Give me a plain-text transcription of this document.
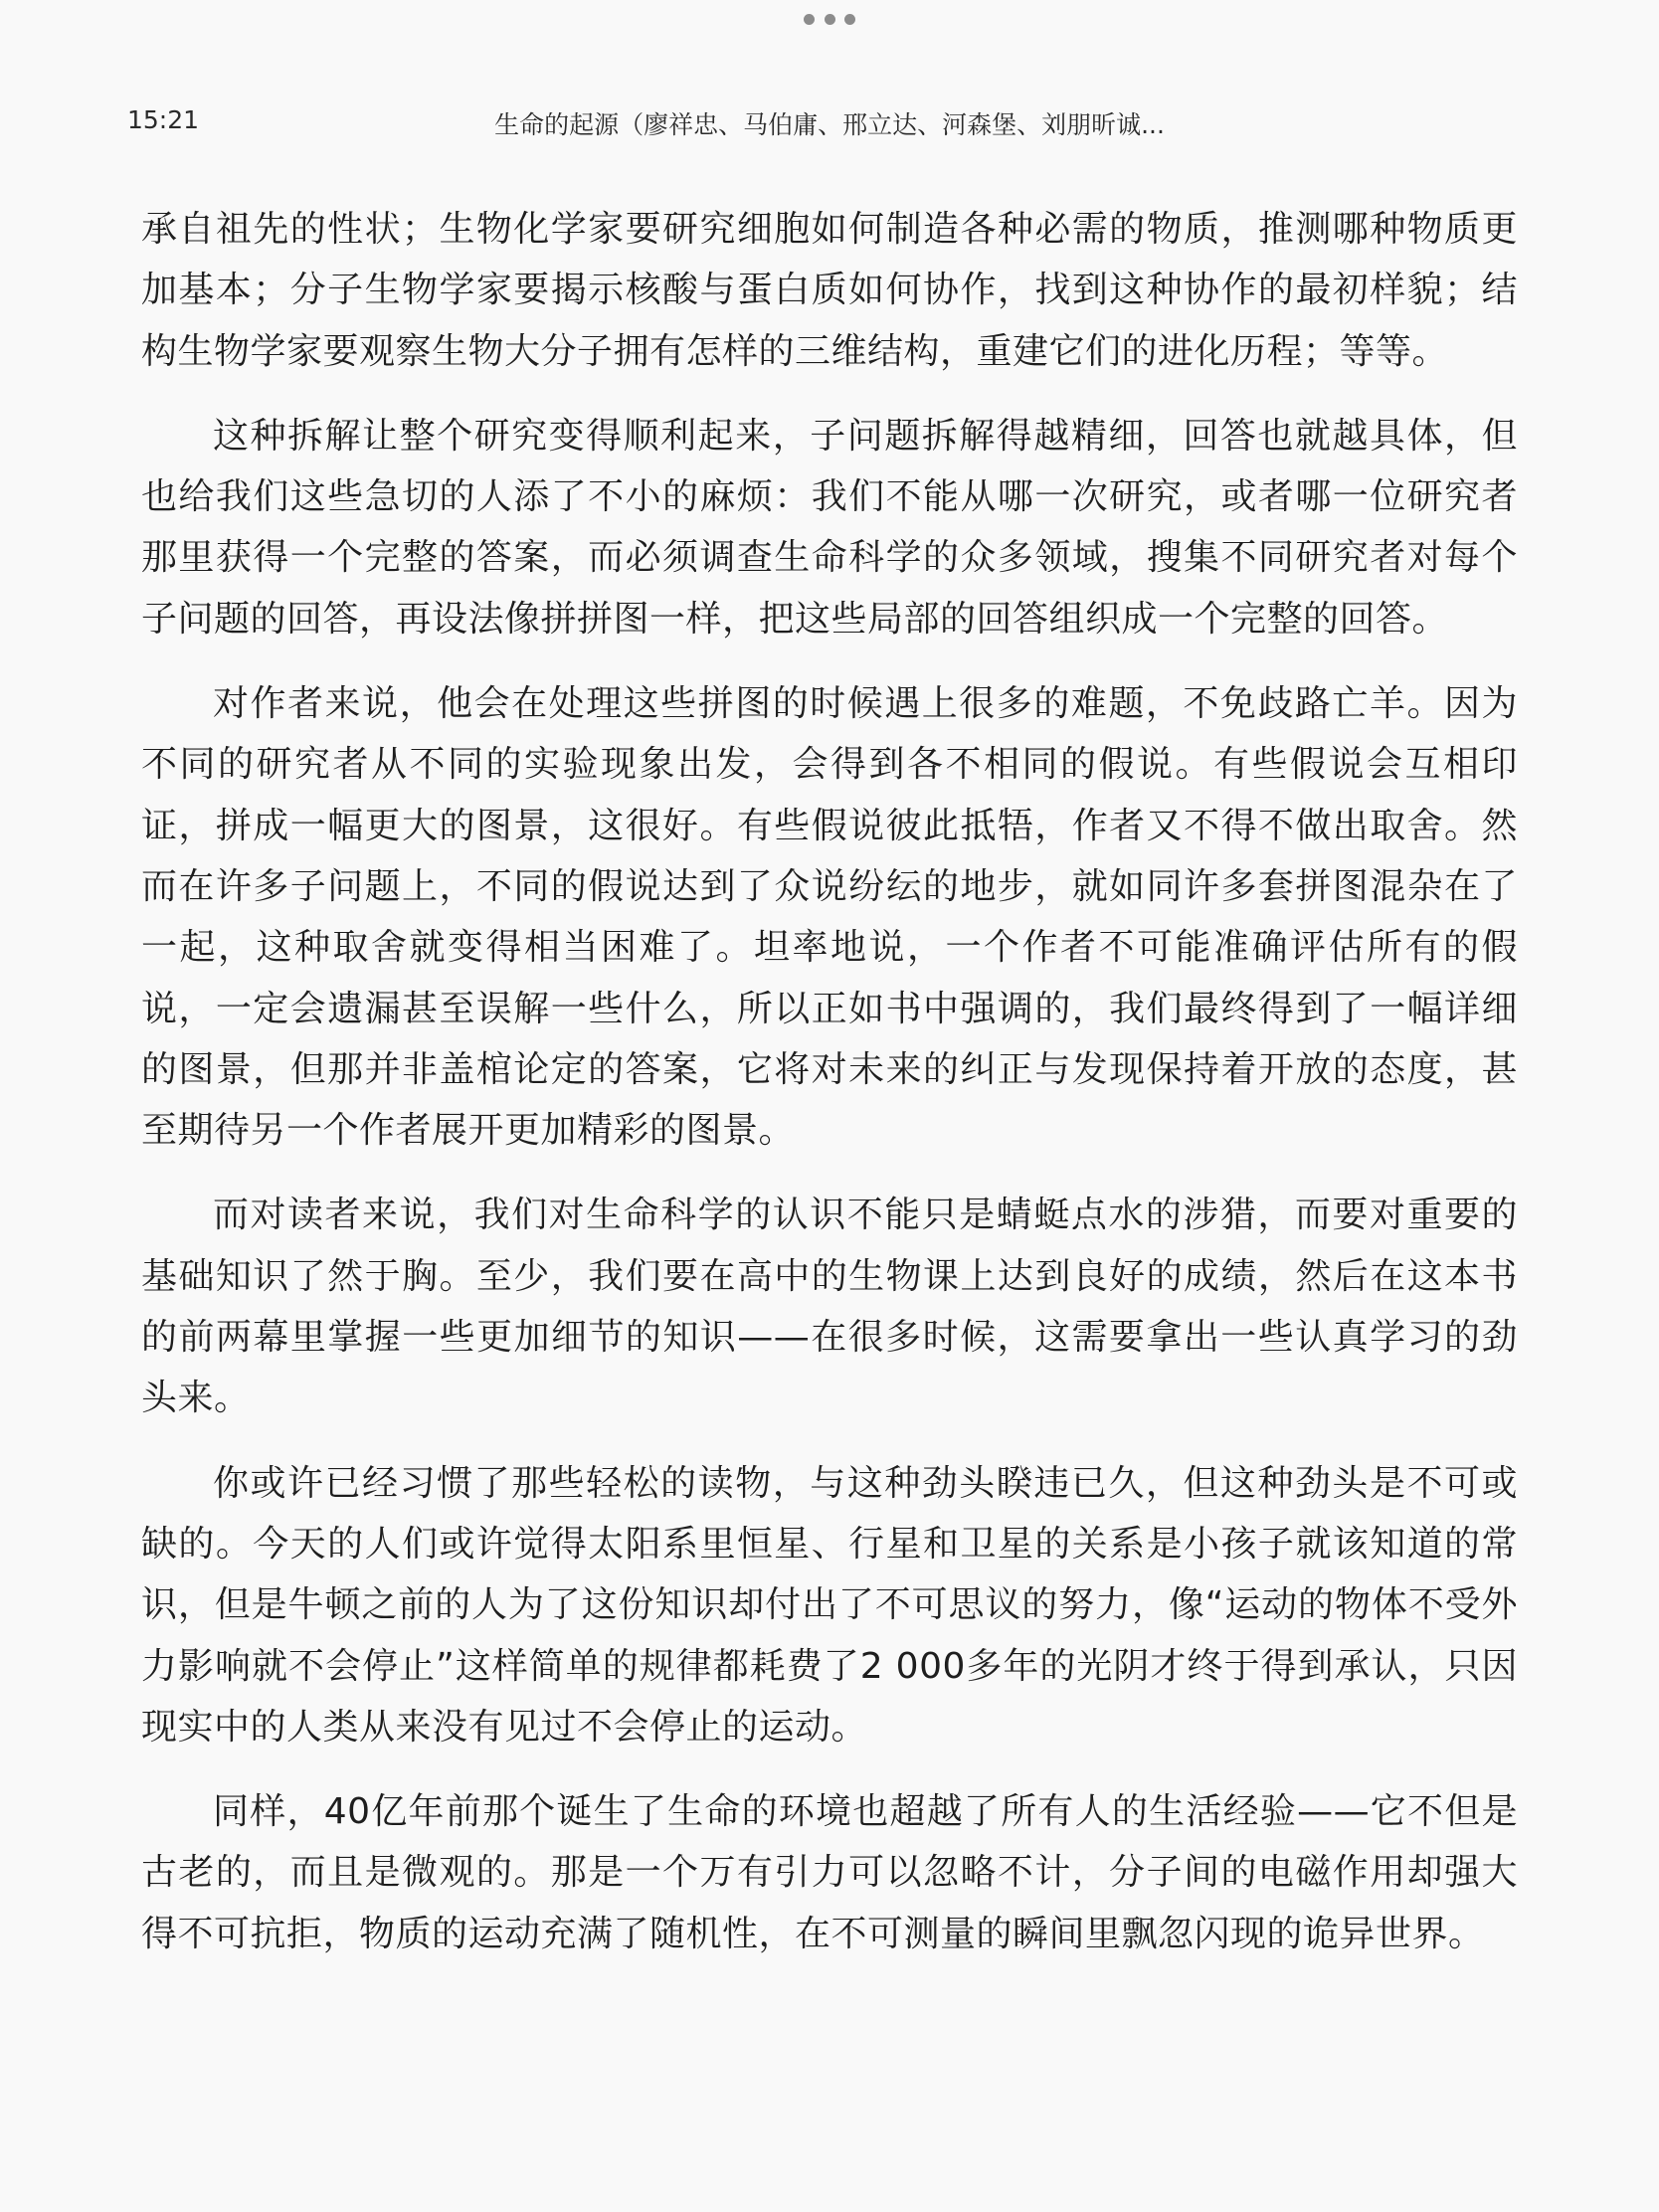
15:21	生命的起源（廖祥忠、马伯庸、邢立达、河森堡、刘朋昕诚...

承自祖先的性状；生物化学家要研究细胞如何制造各种必需的物质，推测哪种物质更加基本；分子生物学家要揭示核酸与蛋白质如何协作，找到这种协作的最初样貌；结构生物学家要观察生物大分子拥有怎样的三维结构，重建它们的进化历程；等等。

这种拆解让整个研究变得顺利起来，子问题拆解得越精细，回答也就越具体，但也给我们这些急切的人添了不小的麻烦：我们不能从哪一次研究，或者哪一位研究者那里获得一个完整的答案，而必须调查生命科学的众多领域，搜集不同研究者对每个子问题的回答，再设法像拼拼图一样，把这些局部的回答组织成一个完整的回答。

对作者来说，他会在处理这些拼图的时候遇上很多的难题，不免歧路亡羊。因为不同的研究者从不同的实验现象出发，会得到各不相同的假说。有些假说会互相印证，拼成一幅更大的图景，这很好。有些假说彼此抵牾，作者又不得不做出取舍。然而在许多子问题上，不同的假说达到了众说纷纭的地步，就如同许多套拼图混杂在了一起，这种取舍就变得相当困难了。坦率地说，一个作者不可能准确评估所有的假说，一定会遗漏甚至误解一些什么，所以正如书中强调的，我们最终得到了一幅详细的图景，但那并非盖棺论定的答案，它将对未来的纠正与发现保持着开放的态度，甚至期待另一个作者展开更加精彩的图景。

而对读者来说，我们对生命科学的认识不能只是蜻蜓点水的涉猎，而要对重要的基础知识了然于胸。至少，我们要在高中的生物课上达到良好的成绩，然后在这本书的前两幕里掌握一些更加细节的知识——在很多时候，这需要拿出一些认真学习的劲头来。

你或许已经习惯了那些轻松的读物，与这种劲头睽违已久，但这种劲头是不可或缺的。今天的人们或许觉得太阳系里恒星、行星和卫星的关系是小孩子就该知道的常识，但是牛顿之前的人为了这份知识却付出了不可思议的努力，像“运动的物体不受外力影响就不会停止”这样简单的规律都耗费了2 000多年的光阴才终于得到承认，只因现实中的人类从来没有见过不会停止的运动。

同样，40亿年前那个诞生了生命的环境也超越了所有人的生活经验——它不但是古老的，而且是微观的。那是一个万有引力可以忽略不计，分子间的电磁作用却强大得不可抗拒，物质的运动充满了随机性，在不可测量的瞬间里飘忽闪现的诡异世界。
